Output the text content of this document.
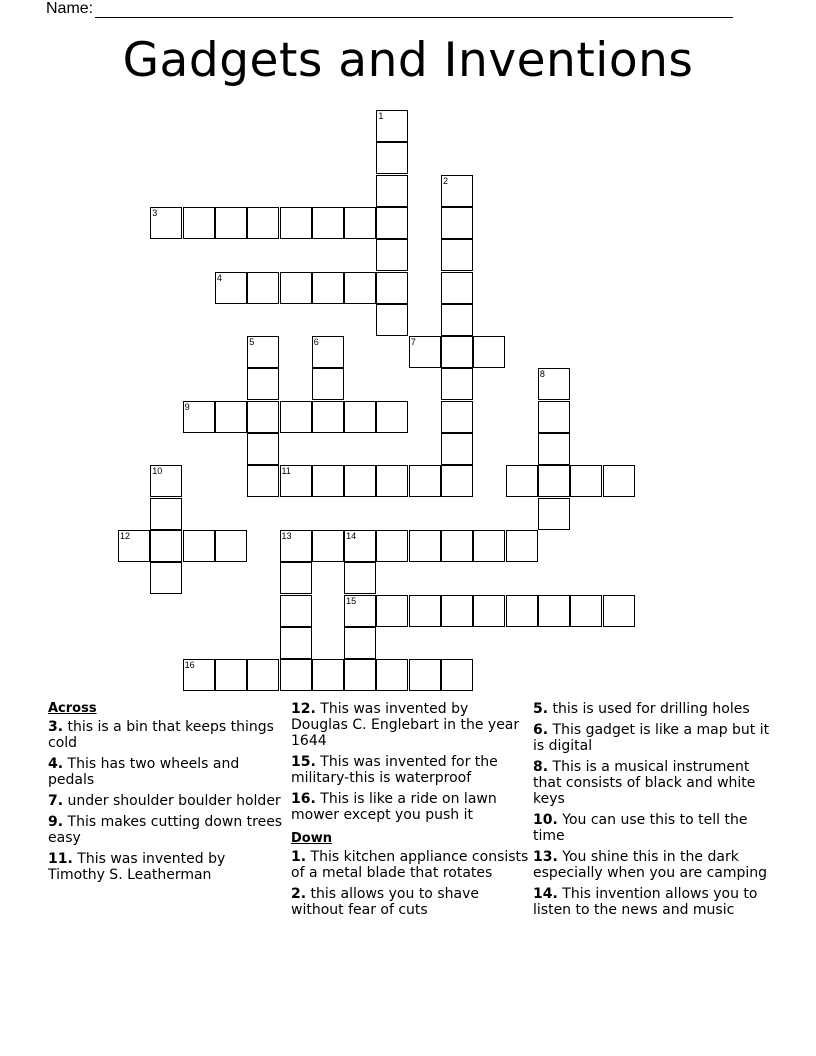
Name:
Gadgets and Inventions
1
2
3
4
5	6	7
8
9
10	11
12	13	14
15
16
Across
3. this is a bin that keeps things cold
4. This has two wheels and pedals
7. under shoulder boulder holder
9. This makes cutting down trees easy
11. This was invented by Timothy S. Leatherman
12. This was invented by Douglas C. Englebart in the year 1644
15. This was invented for the military-this is waterproof
16. This is like a ride on lawn mower except you push it
Down
1. This kitchen appliance consists of a metal blade that rotates
2. this allows you to shave without fear of cuts
5. this is used for drilling holes
6. This gadget is like a map but it is digital
8. This is a musical instrument that consists of black and white keys
10. You can use this to tell the time
13. You shine this in the dark especially when you are camping
14. This invention allows you to listen to the news and music
